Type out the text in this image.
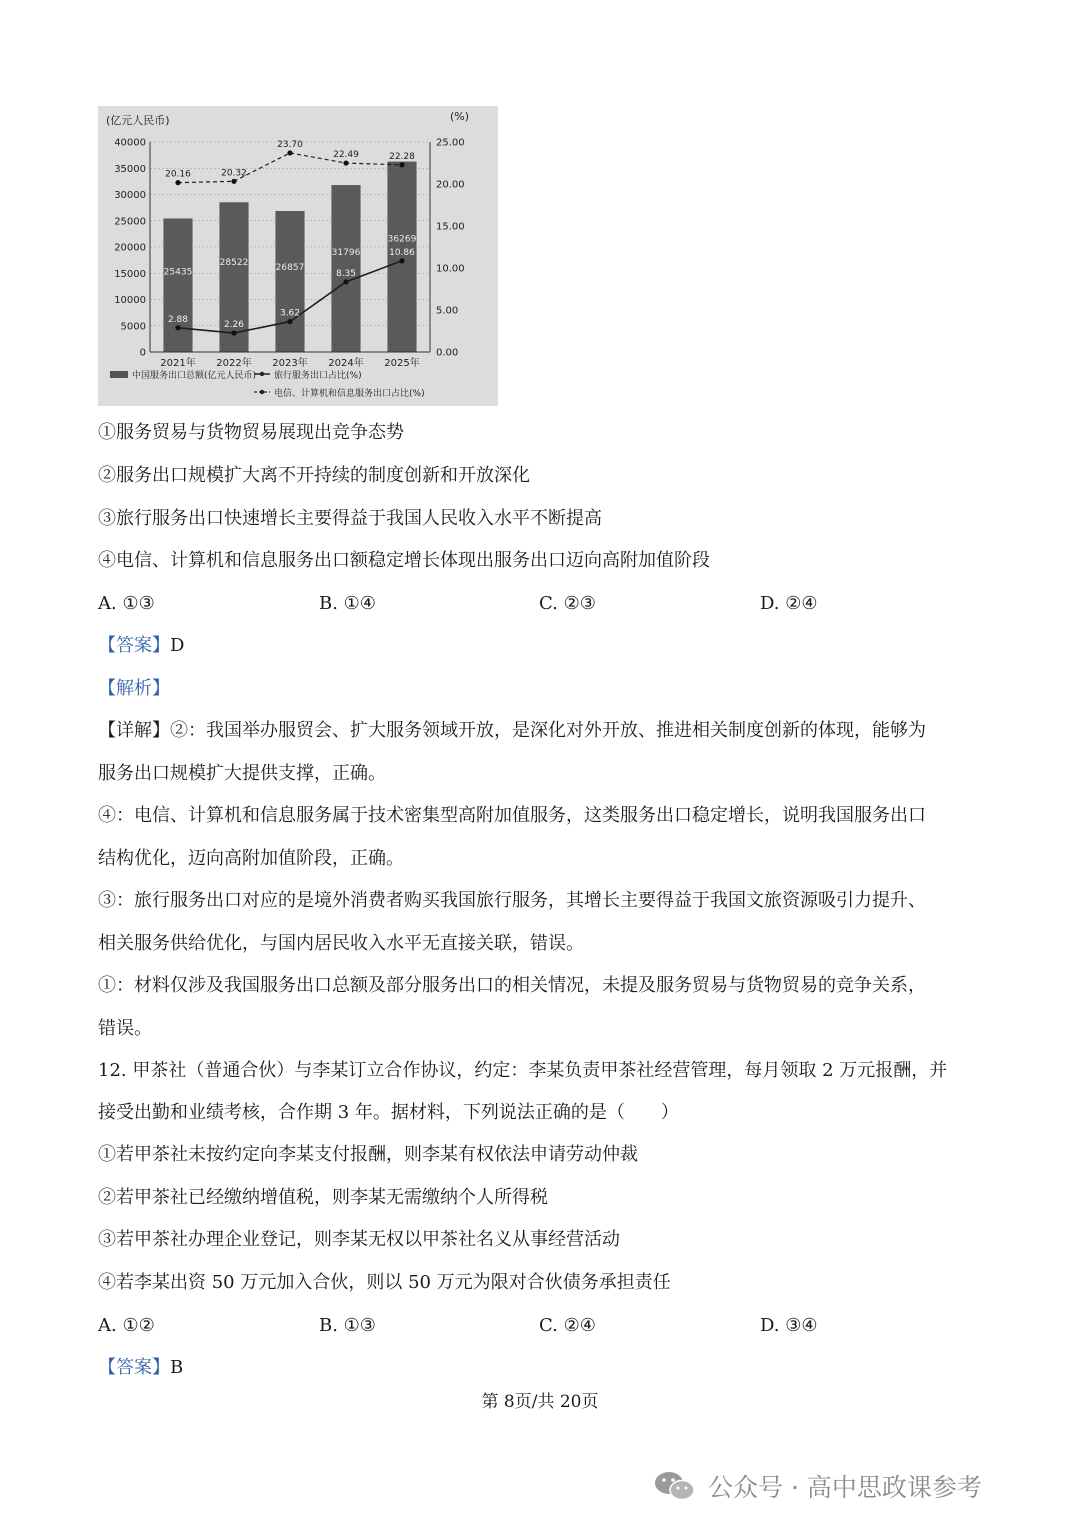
(亿元人民币)	(%)
25435
28522
26857
31796
36269
20.16	20.32
23.70
22.49	22.28
2.88
2.26
3.62
8.35
10.86
0
5000
10000
15000
20000
25000
30000
35000
40000
0.00
5.00
10.00
15.00
20.00
25.00
2021年 2022年 2023年 2024年 2025年
中国服务出口总额(亿元人民币) 旅行服务出口占比(%)
电信、计算机和信息服务出口占比(%)
①服务贸易与货物贸易展现出竞争态势
②服务出口规模扩大离不开持续的制度创新和开放深化
③旅行服务出口快速增长主要得益于我国人民收入水平不断提高
④电信、计算机和信息服务出口额稳定增长体现出服务出口迈向高附加值阶段
A. ①③	B. ①④	C. ②③	D. ②④
【答案】D
【解析】
【详解】②：我国举办服贸会、扩大服务领域开放，是深化对外开放、推进相关制度创新的体现，能够为
服务出口规模扩大提供支撑，正确。
④：电信、计算机和信息服务属于技术密集型高附加值服务，这类服务出口稳定增长，说明我国服务出口
结构优化，迈向高附加值阶段，正确。
③：旅行服务出口对应的是境外消费者购买我国旅行服务，其增长主要得益于我国文旅资源吸引力提升、
相关服务供给优化，与国内居民收入水平无直接关联，错误。
①：材料仅涉及我国服务出口总额及部分服务出口的相关情况，未提及服务贸易与货物贸易的竞争关系，
错误。
12. 甲茶社（普通合伙）与李某订立合作协议，约定：李某负责甲茶社经营管理，每月领取 2 万元报酬，并
接受出勤和业绩考核，合作期 3 年。据材料，下列说法正确的是（　　）
①若甲茶社未按约定向李某支付报酬，则李某有权依法申请劳动仲裁
②若甲茶社已经缴纳增值税，则李某无需缴纳个人所得税
③若甲茶社办理企业登记，则李某无权以甲茶社名义从事经营活动
④若李某出资 50 万元加入合伙，则以 50 万元为限对合伙债务承担责任
A. ①②	B. ①③	C. ②④	D. ③④
【答案】B
第 8页/共 20页
公众号 · 高中思政课参考
